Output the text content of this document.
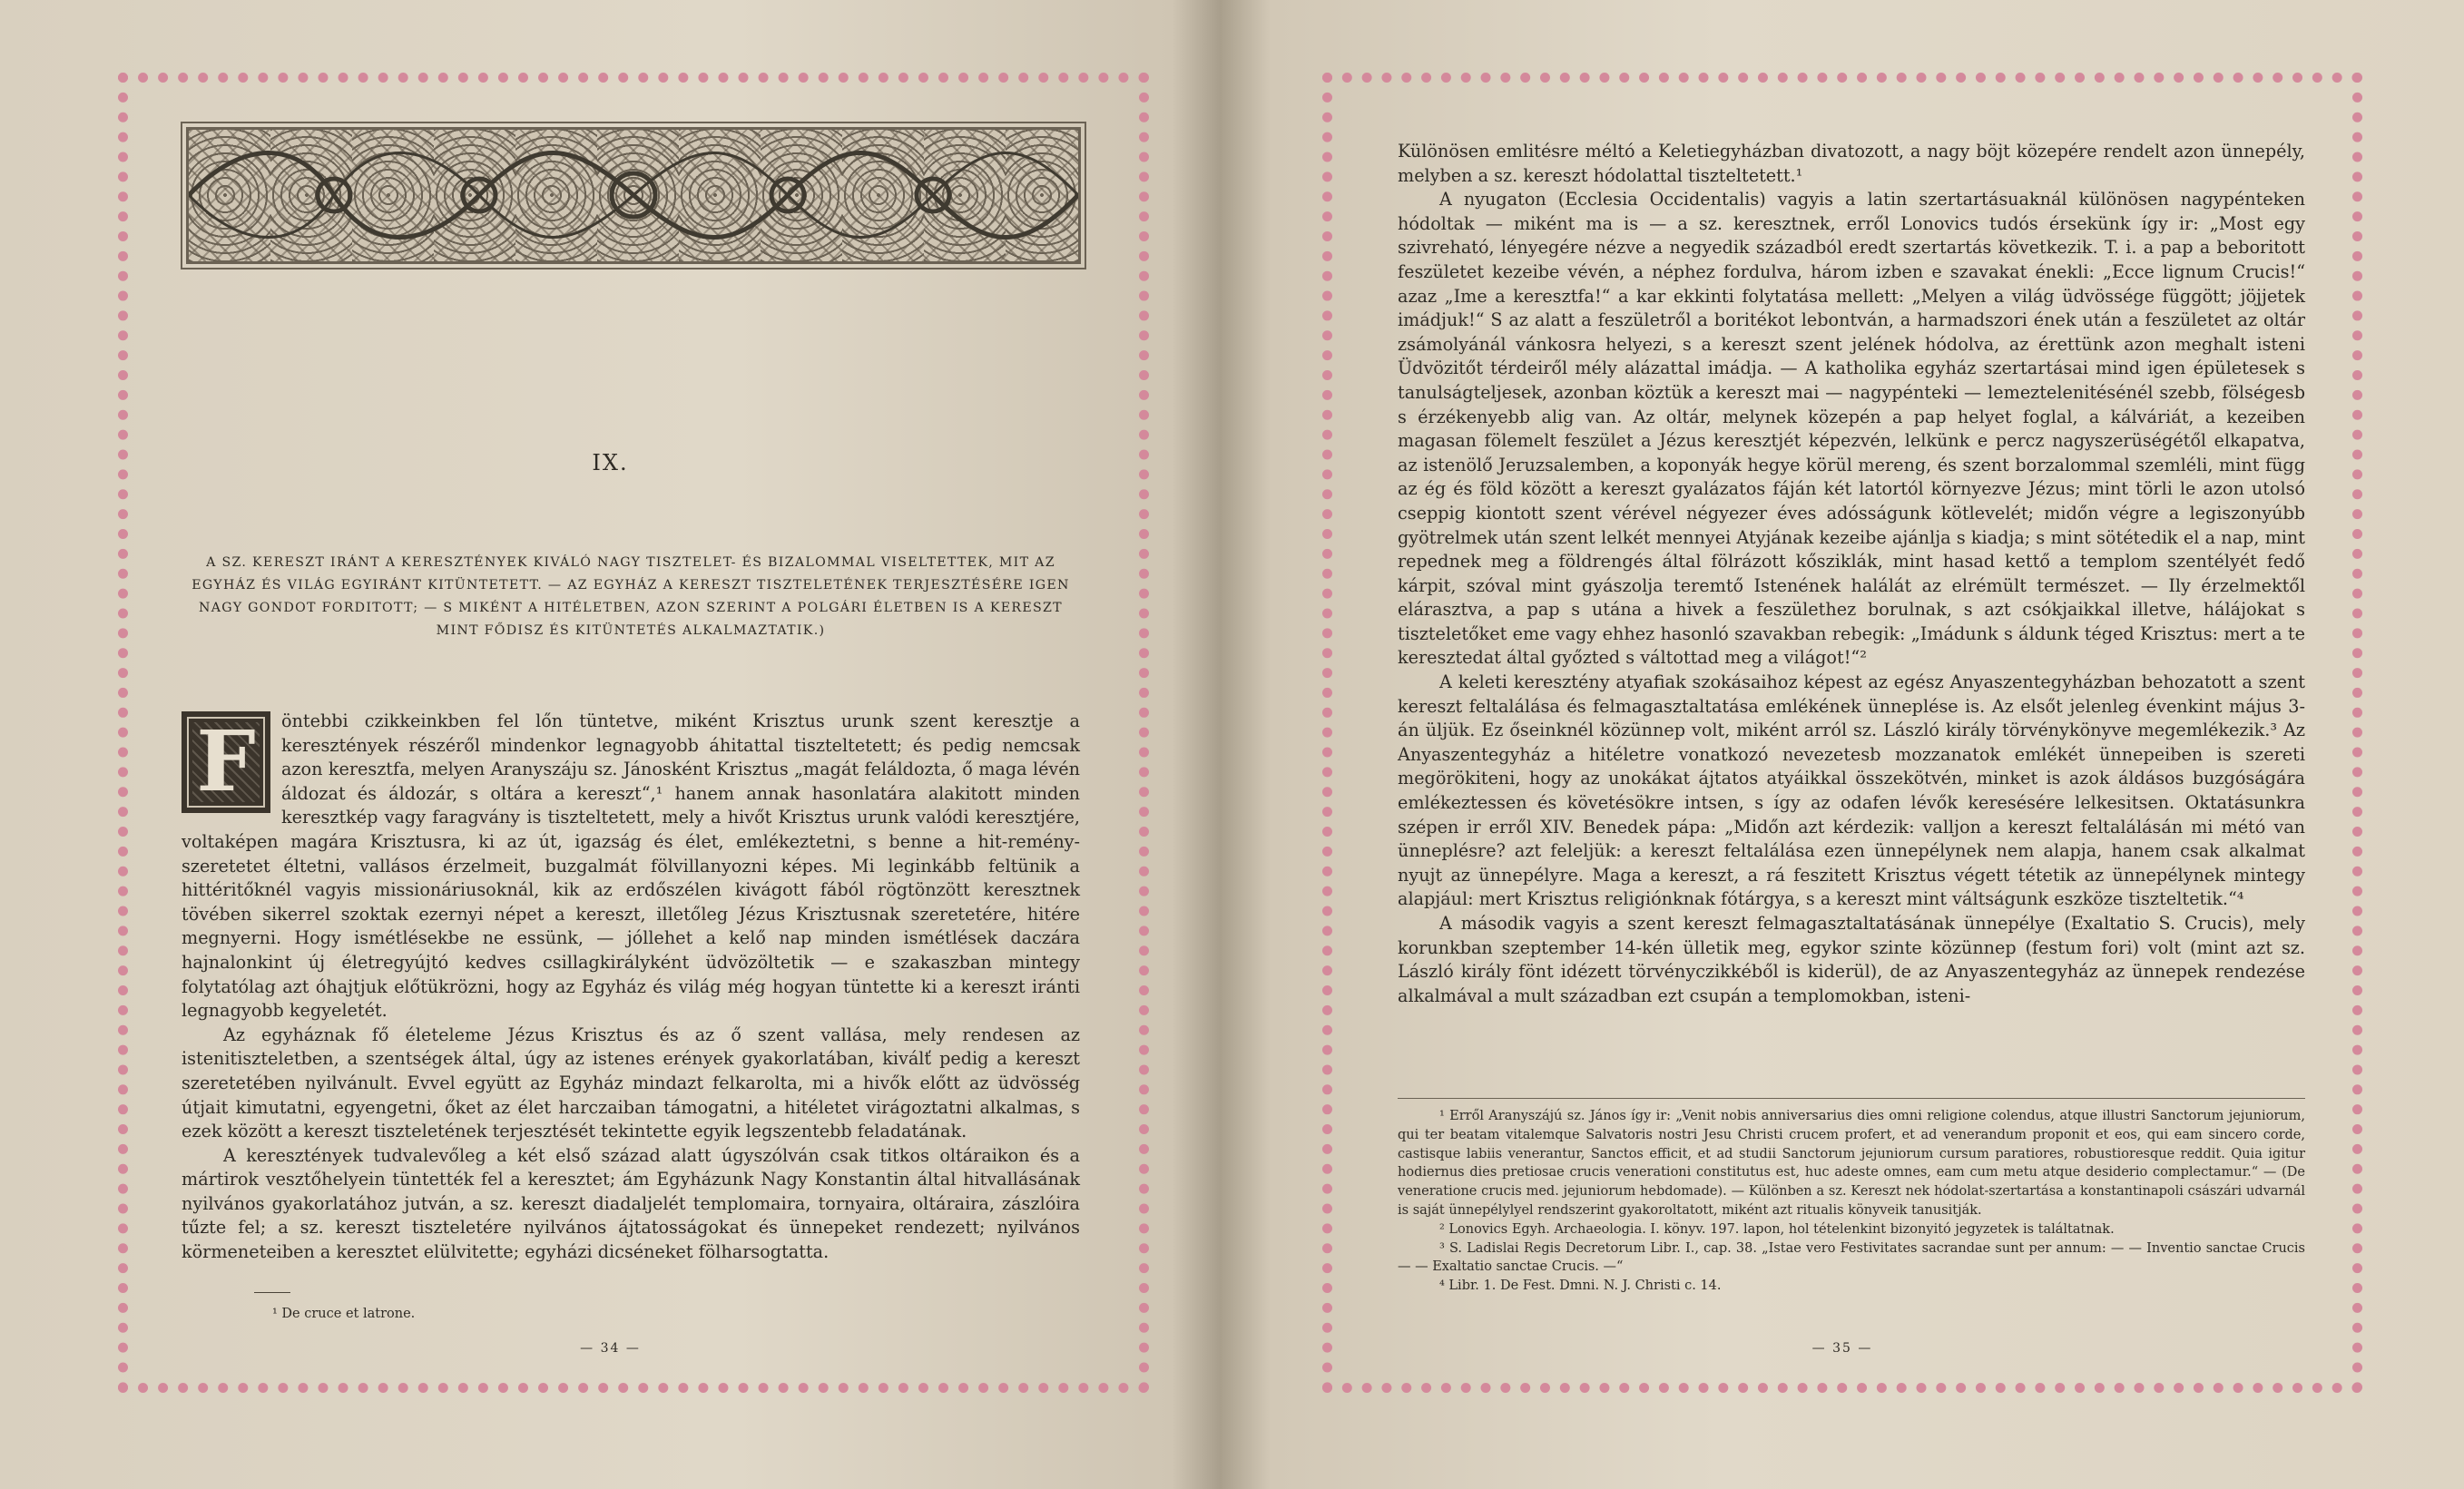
IX.
A SZ. KERESZT IRÁNT A KERESZTÉNYEK KIVÁLÓ NAGY TISZTELET- ÉS BIZALOMMAL VISELTETTEK, MIT AZ EGYHÁZ ÉS VILÁG EGYIRÁNT KITÜNTETETT. — AZ EGYHÁZ A KERESZT TISZTELETÉNEK TERJESZTÉSÉRE IGEN NAGY GONDOT FORDITOTT; — S MIKÉNT A HITÉLETBEN, AZON SZERINT A POLGÁRI ÉLETBEN IS A KERESZT MINT FŐDISZ ÉS KITÜNTETÉS ALKALMAZTATIK.)

F	öntebbi czikkeinkben fel lőn tüntetve, miként Krisztus urunk szent keresztje a keresztények részéről mindenkor legnagyobb áhitattal tiszteltetett; és pedig nemcsak azon keresztfa, melyen Aranyszáju sz. Jánosként Krisztus „magát feláldozta, ő maga lévén áldozat és áldozár, s oltára a kereszt“,¹ hanem annak hasonlatára alakitott minden keresztkép vagy faragvány is tiszteltetett, mely a hivőt Krisztus urunk valódi keresztjére, voltaképen magára Krisztusra, ki az út, igazság és élet, emlékeztetni, s benne a hit-remény-szeretetet éltetni, vallásos érzelmeit, buzgalmát fölvillanyozni képes. Mi leginkább feltünik a hittéritőknél vagyis missionáriusoknál, kik az erdőszélen kivágott fából rögtönzött keresztnek tövében sikerrel szoktak ezernyi népet a kereszt, illetőleg Jézus Krisztusnak szeretetére, hitére megnyerni. Hogy ismétlésekbe ne essünk, — jóllehet a kelő nap minden ismétlések daczára hajnalonkint új életregyújtó kedves csillagkirályként üdvözöltetik — e szakaszban mintegy folytatólag azt óhajtjuk előtükrözni, hogy az Egyház és világ még hogyan tüntette ki a kereszt iránti legnagyobb kegyeletét.

Az egyháznak fő életeleme Jézus Krisztus és az ő szent vallása, mely rendesen az istenitiszteletben, a szentségek által, úgy az istenes erények gyakorlatában, kiválť pedig a kereszt szeretetében nyilvánult. Evvel együtt az Egyház mindazt felkarolta, mi a hivők előtt az üdvösség útjait kimutatni, egyengetni, őket az élet harczaiban támogatni, a hitéletet virágoztatni alkalmas, s ezek között a kereszt tiszteletének terjesztését tekintette egyik legszentebb feladatának.

A keresztények tudvalevőleg a két első század alatt úgyszólván csak titkos oltáraikon és a mártirok vesztőhelyein tüntették fel a keresztet; ám Egyházunk Nagy Konstantin által hitvallásának nyilvános gyakorlatához jutván, a sz. kereszt diadaljelét templomaira, tornyaira, oltáraira, zászlóira tűzte fel; a sz. kereszt tiszteletére nyilvános ájtatosságokat és ünnepeket rendezett; nyilvános körmeneteiben a keresztet elülvitette; egyházi dicséneket fölharsogtatta.

¹ De cruce et latrone.
— 34 —

Különösen emlitésre méltó a Keletiegyházban divatozott, a nagy böjt közepére rendelt azon ünnepély, melyben a sz. kereszt hódolattal tiszteltetett.¹

A nyugaton (Ecclesia Occidentalis) vagyis a latin szertartásuaknál különösen nagypénteken hódoltak — miként ma is — a sz. keresztnek, erről Lonovics tudós érsekünk így ir: „Most egy szivreható, lényegére nézve a negyedik századból eredt szertartás következik. T. i. a pap a beboritott feszületet kezeibe vévén, a néphez fordulva, három izben e szavakat énekli: „Ecce lignum Crucis!“ azaz „Ime a keresztfa!“ a kar ekkinti folytatása mellett: „Melyen a világ üdvössége függött; jöjjetek imádjuk!“ S az alatt a feszületről a boritékot lebontván, a harmadszori ének után a feszületet az oltár zsámolyánál vánkosra helyezi, s a kereszt szent jelének hódolva, az érettünk azon meghalt isteni Üdvözitőt térdeiről mély alázattal imádja. — A katholika egyház szertartásai mind igen épületesek s tanulságteljesek, azonban köztük a kereszt mai — nagypénteki — lemeztelenitésénél szebb, fölségesb s érzékenyebb alig van. Az oltár, melynek közepén a pap helyet foglal, a kálváriát, a kezeiben magasan fölemelt feszület a Jézus keresztjét képezvén, lelkünk e percz nagyszerüségétől elkapatva, az istenölő Jeruzsalemben, a koponyák hegye körül mereng, és szent borzalommal szemléli, mint függ az ég és föld között a kereszt gyalázatos fáján két latortól környezve Jézus; mint törli le azon utolsó cseppig kiontott szent vérével négyezer éves adósságunk kötlevelét; midőn végre a legiszonyúbb gyötrelmek után szent lelkét mennyei Atyjának kezeibe ajánlja s kiadja; s mint sötétedik el a nap, mint repednek meg a földrengés által fölrázott kősziklák, mint hasad kettő a templom szentélyét fedő kárpit, szóval mint gyászolja teremtő Istenének halálát az elrémült természet. — Ily érzelmektől elárasztva, a pap s utána a hivek a feszülethez borulnak, s azt csókjaikkal illetve, hálájokat s tiszteletőket eme vagy ehhez hasonló szavakban rebegik: „Imádunk s áldunk téged Krisztus: mert a te keresztedat által győzted s váltottad meg a világot!“²

A keleti keresztény atyafiak szokásaihoz képest az egész Anyaszentegyházban behozatott a szent kereszt feltalálása és felmagasztaltatása emlékének ünneplése is. Az elsőt jelenleg évenkint május 3-án üljük. Ez őseinknél közünnep volt, miként arról sz. László király törvénykönyve megemlékezik.³ Az Anyaszentegyház a hitéletre vonatkozó nevezetesb mozzanatok emlékét ünnepeiben is szereti megörökiteni, hogy az unokákat ájtatos atyáikkal összekötvén, minket is azok áldásos buzgóságára emlékeztessen és követésökre intsen, s így az odafen lévők keresésére lelkesitsen. Oktatásunkra szépen ir erről XIV. Benedek pápa: „Midőn azt kérdezik: valljon a kereszt feltalálásán mi métó van ünneplésre? azt feleljük: a kereszt feltalálása ezen ünnepélynek nem alapja, hanem csak alkalmat nyujt az ünnepélyre. Maga a kereszt, a rá feszitett Krisztus végett tétetik az ünnepélynek mintegy alapjául: mert Krisztus religiónknak fótárgya, s a kereszt mint váltságunk eszköze tiszteltetik.“⁴

A második vagyis a szent kereszt felmagasztaltatásának ünnepélye (Exaltatio S. Crucis), mely korunkban szeptember 14-kén ülletik meg, egykor szinte közünnep (festum fori) volt (mint azt sz. László király fönt idézett törvényczikkéből is kiderül), de az Anyaszentegyház az ünnepek rendezése alkalmával a mult században ezt csupán a templomokban, isteni-

¹ Erről Aranyszájú sz. János így ir: „Venit nobis anniversarius dies omni religione colendus, atque illustri Sanctorum jejuniorum, qui ter beatam vitalemque Salvatoris nostri Jesu Christi crucem profert, et ad venerandum proponit et eos, qui eam sincero corde, castisque labiis venerantur, Sanctos efficit, et ad studii Sanctorum jejuniorum cursum paratiores, robustioresque reddit. Quia igitur hodiernus dies pretiosae crucis venerationi constitutus est, huc adeste omnes, eam cum metu atque desiderio complectamur.“ — (De veneratione crucis med. jejuniorum hebdomade). — Különben a sz. Kereszt nek hódolat-szertartása a konstantinapoli császári udvarnál is saját ünnepélylyel rendszerint gyakoroltatott, miként azt ritualis könyveik tanusitják.

² Lonovics Egyh. Archaeologia. I. könyv. 197. lapon, hol tételenkint bizonyitó jegyzetek is találtatnak.

³ S. Ladislai Regis Decretorum Libr. I., cap. 38. „Istae vero Festivitates sacrandae sunt per annum: — — Inventio sanctae Crucis — — Exaltatio sanctae Crucis. —“

⁴ Libr. 1. De Fest. Dmni. N. J. Christi c. 14.

— 35 —
